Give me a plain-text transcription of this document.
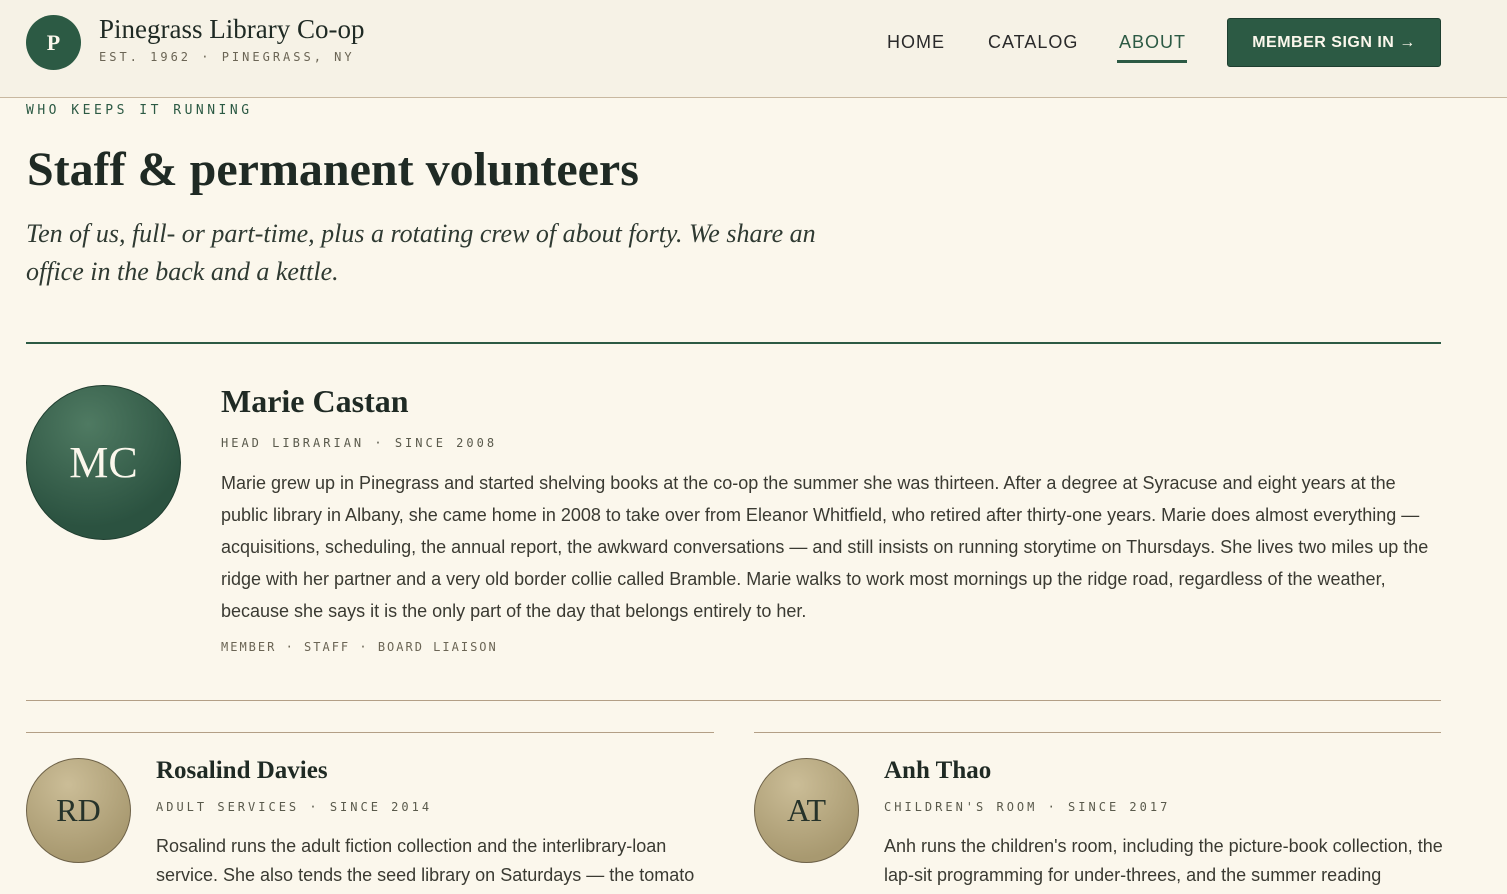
P	Pinegrass Library Co-op
EST. 1962 · PINEGRASS, NY
HOME CATALOG ABOUT	MEMBER SIGN IN →
WHO KEEPS IT RUNNING
Staff & permanent volunteers

Ten of us, full- or part-time, plus a rotating crew of about forty. We share an office in the back and a kettle.

MC
Marie Castan
HEAD LIBRARIAN · SINCE 2008

Marie grew up in Pinegrass and started shelving books at the co-op the summer she was thirteen. After a degree at Syracuse and eight years at the public library in Albany, she came home in 2008 to take over from Eleanor Whitfield, who retired after thirty-one years. Marie does almost everything — acquisitions, scheduling, the annual report, the awkward conversations — and still insists on running storytime on Thursdays. She lives two miles up the ridge with her partner and a very old border collie called Bramble. Marie walks to work most mornings up the ridge road, regardless of the weather, because she says it is the only part of the day that belongs entirely to her.

MEMBER · STAFF · BOARD LIAISON
RD
Rosalind Davies
ADULT SERVICES · SINCE 2014

Rosalind runs the adult fiction collection and the interlibrary-loan service. She also tends the seed library on Saturdays — the tomato

AT
Anh Thao
CHILDREN'S ROOM · SINCE 2017

Anh runs the children's room, including the picture-book collection, the lap-sit programming for under-threes, and the summer reading
